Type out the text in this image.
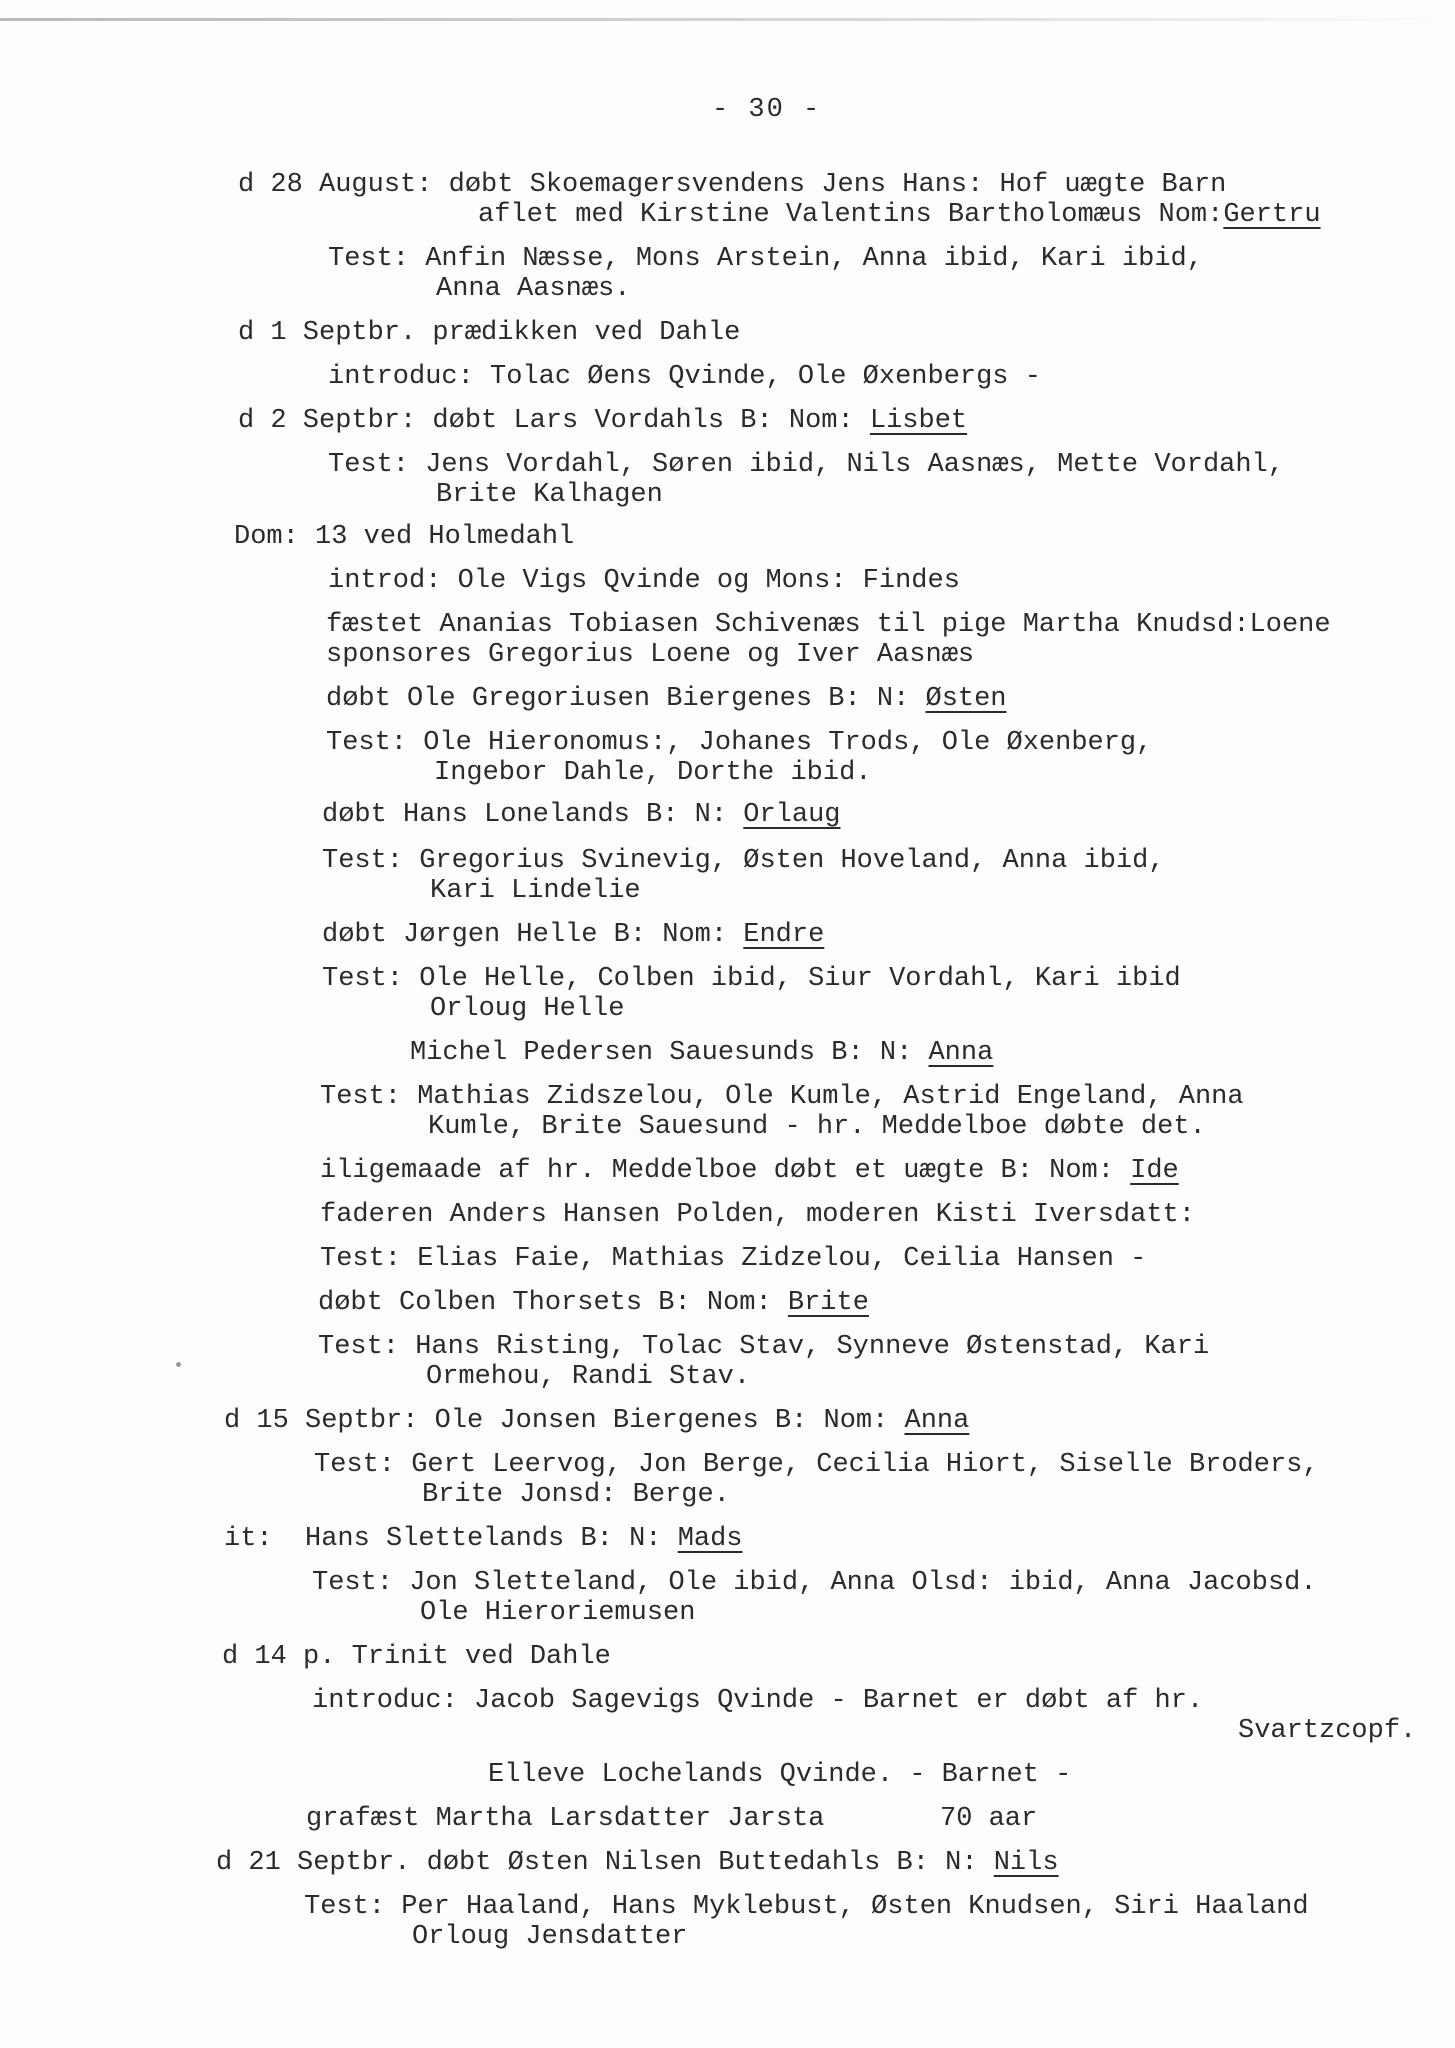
- 30 -
d 28 August: døbt Skoemagersvendens Jens Hans: Hof uægte Barn
aflet med Kirstine Valentins Bartholomæus Nom:Gertru
Test: Anfin Næsse, Mons Arstein, Anna ibid, Kari ibid,
Anna Aasnæs.
d 1 Septbr. prædikken ved Dahle
introduc: Tolac Øens Qvinde, Ole Øxenbergs -
d 2 Septbr: døbt Lars Vordahls B: Nom: Lisbet
Test: Jens Vordahl, Søren ibid, Nils Aasnæs, Mette Vordahl,
Brite Kalhagen
Dom: 13 ved Holmedahl
introd: Ole Vigs Qvinde og Mons: Findes
fæstet Ananias Tobiasen Schivenæs til pige Martha Knudsd:Loene
sponsores Gregorius Loene og Iver Aasnæs
døbt Ole Gregoriusen Biergenes B: N: Østen
Test: Ole Hieronomus:, Johanes Trods, Ole Øxenberg,
Ingebor Dahle, Dorthe ibid.
døbt Hans Lonelands B: N: Orlaug
Test: Gregorius Svinevig, Østen Hoveland, Anna ibid,
Kari Lindelie
døbt Jørgen Helle B: Nom: Endre
Test: Ole Helle, Colben ibid, Siur Vordahl, Kari ibid
Orloug Helle
Michel Pedersen Sauesunds B: N: Anna
Test: Mathias Zidszelou, Ole Kumle, Astrid Engeland, Anna
Kumle, Brite Sauesund - hr. Meddelboe døbte det.
iligemaade af hr. Meddelboe døbt et uægte B: Nom: Ide
faderen Anders Hansen Polden, moderen Kisti Iversdatt:
Test: Elias Faie, Mathias Zidzelou, Ceilia Hansen -
døbt Colben Thorsets B: Nom: Brite
Test: Hans Risting, Tolac Stav, Synneve Østenstad, Kari
Ormehou, Randi Stav.
d 15 Septbr: Ole Jonsen Biergenes B: Nom: Anna
Test: Gert Leervog, Jon Berge, Cecilia Hiort, Siselle Broders,
Brite Jonsd: Berge.
it:  Hans Slettelands B: N: Mads
Test: Jon Sletteland, Ole ibid, Anna Olsd: ibid, Anna Jacobsd.
Ole Hieroriemusen
d 14 p. Trinit ved Dahle
introduc: Jacob Sagevigs Qvinde - Barnet er døbt af hr.
Svartzcopf.
Elleve Lochelands Qvinde. - Barnet -
grafæst Martha Larsdatter Jarsta	70 aar
d 21 Septbr. døbt Østen Nilsen Buttedahls B: N: Nils
Test: Per Haaland, Hans Myklebust, Østen Knudsen, Siri Haaland
Orloug Jensdatter
